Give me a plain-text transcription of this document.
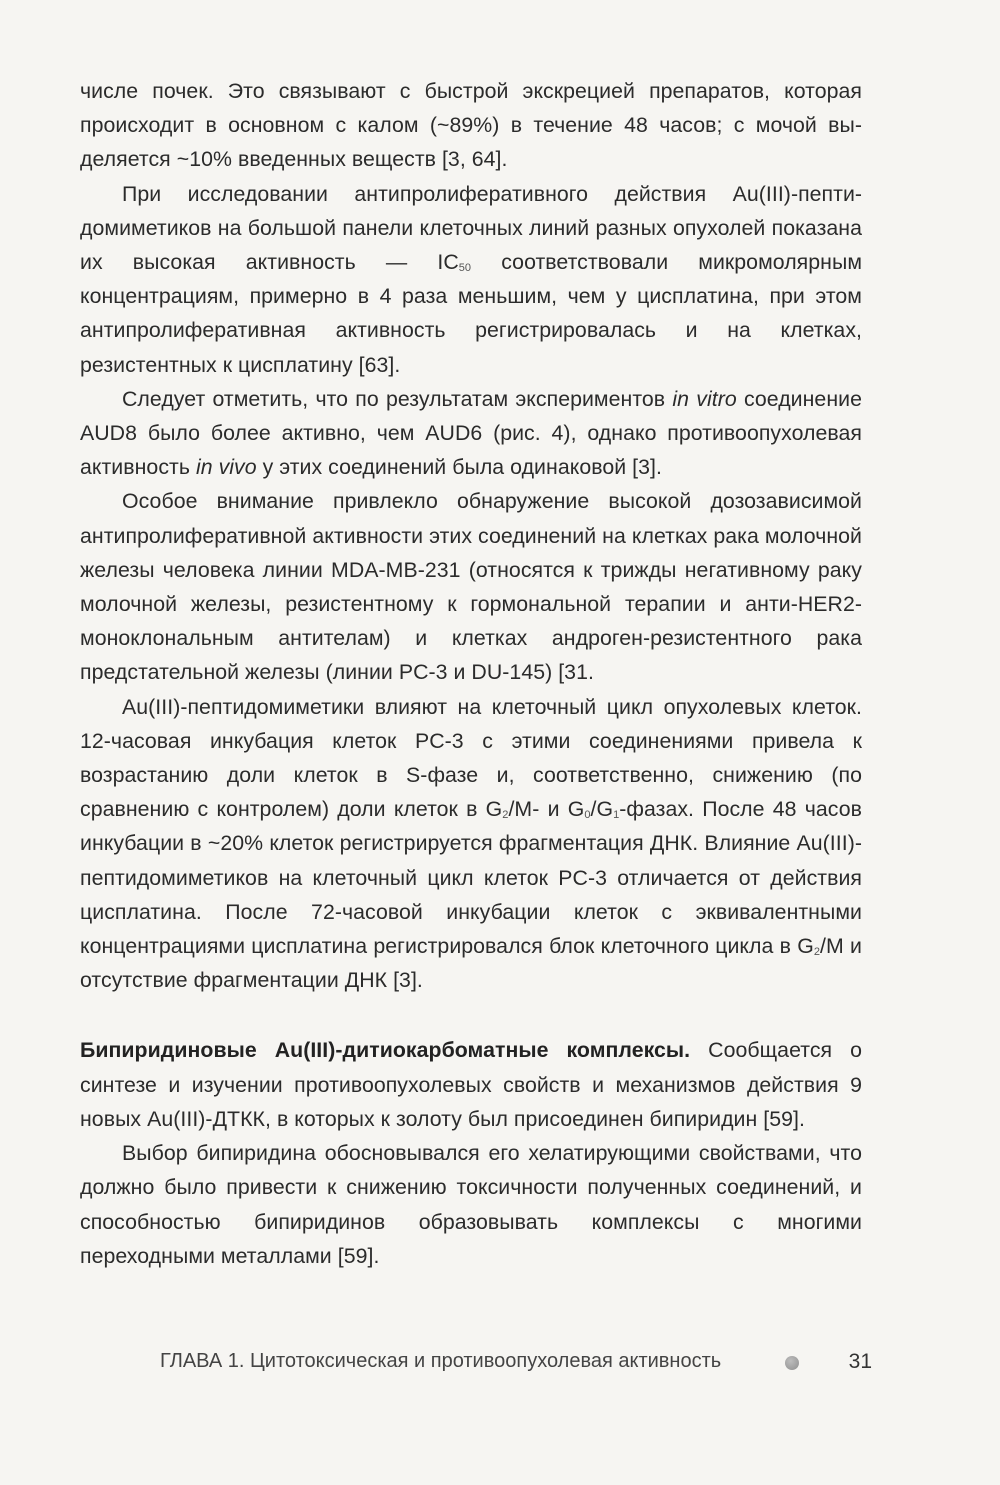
числе почек. Это связывают с быстрой экскрецией препаратов, которая происходит в основном с калом (~89%) в течение 48 часов; с мочой выделяется ~10% введенных веществ [3, 64].

При исследовании антипролиферативного действия Au(III)-пептидомиметиков на большой панели клеточных линий разных опухолей показана их высокая активность — $IC_{50}$ соответствовали микромолярным концентрациям, примерно в 4 раза меньшим, чем у цисплатина, при этом антипролиферативная активность регистрировалась и на клетках, резистентных к цисплатину [63].

Следует отметить, что по результатам экспериментов in vitro соединение AUD8 было более активно, чем AUD6 (рис. 4), однако противоопухолевая активность in vivo у этих соединений была одинаковой [3].

Особое внимание привлекло обнаружение высокой дозозависимой антипролиферативной активности этих соединений на клетках рака молочной железы человека линии MDA-MB-231 (относятся к трижды негативному раку молочной железы, резистентному к гормональной терапии и анти-HER2-моноклональным антителам) и клетках андроген-резистентного рака предстательной железы (линии PC-3 и DU-145) [31.

Au(III)-пептидомиметики влияют на клеточный цикл опухолевых клеток. 12-часовая инкубация клеток PC-3 с этими соединениями привела к возрастанию доли клеток в S-фазе и, соответственно, снижению (по сравнению с контролем) доли клеток в $G_2/M-$ и $G_0/G_1$-фазах. После 48 часов инкубации в ~20% клеток регистрируется фрагментация ДНК. Влияние Au(III)-пептидомиметиков на клеточный цикл клеток PC-3 отличается от действия цисплатина. После 72-часовой инкубации клеток с эквивалентными концентрациями цисплатина регистрировался блок клеточного цикла в $G_2/M$ и отсутствие фрагментации ДНК [3].

Бипиридиновые Au(III)-дитиокарбоматные комплексы. Сообщается о синтезе и изучении противоопухолевых свойств и механизмов действия 9 новых Au(III)-ДТКК, в которых к золоту был присоединен бипиридин [59].

Выбор бипиридина обосновывался его хелатирующими свойствами, что должно было привести к снижению токсичности полученных соединений, и способностью бипиридинов образовывать комплексы с многими переходными металлами [59].

ГЛАВА 1. Цитотоксическая и противоопухолевая активность	31
